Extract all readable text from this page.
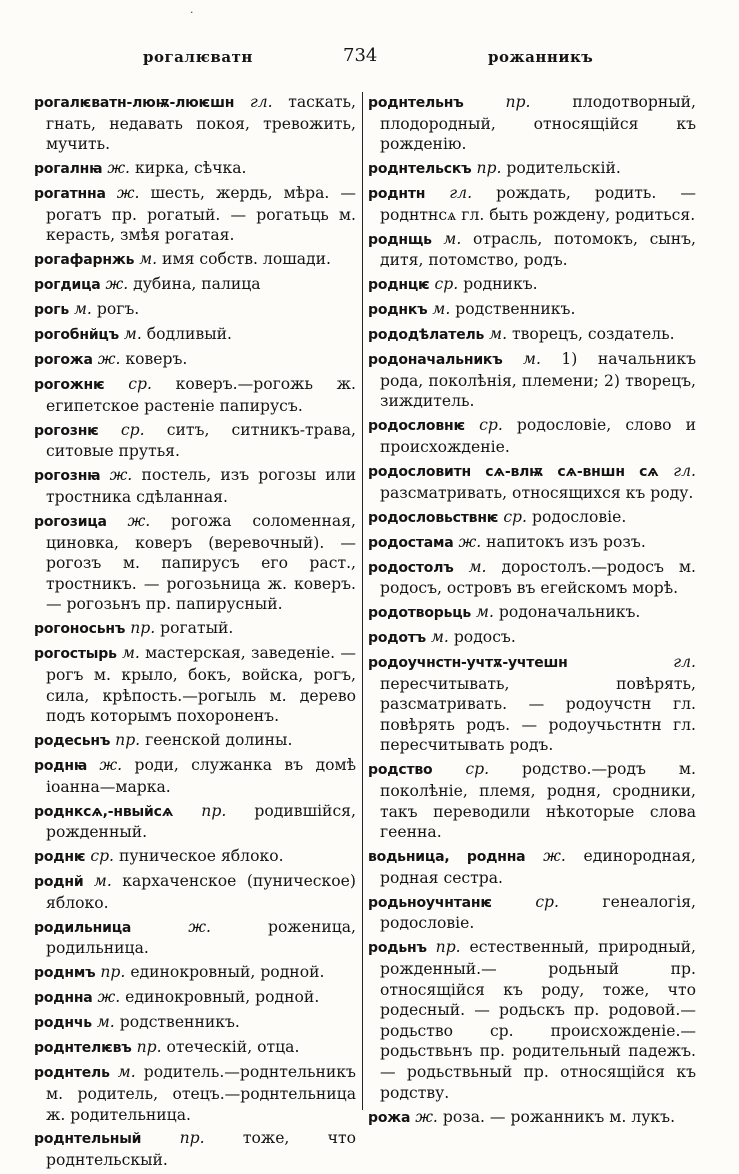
·
рогалѥватн	734	рожанникъ

рогалѥватн-люѭ-люѥшн гл. таскать, гнать, недавать покоя, тревожить, мучить.

рогалнꙗ ж. кирка, сѣчка.

рогатнна ж. шесть, жердь, мѣра. — рогатъ пр. рогатый. — рогатьць м. керасть, змѣя рогатая.

рогафарнжь м. имя собств. лошади.

рогдица ж. дубина, палица

рогь м. рогъ.

рогобнйцъ м. бодливый.

рогожа ж. коверъ.

рогожнѥ ср. коверъ.—рогожь ж. египетское растенiе папирусъ.

рогознѥ ср. ситъ, ситникъ-трава, ситовые прутья.

рогознꙗ ж. постель, изъ рогозы или тростника сдѣланная.

рогозица ж. рогожа соломенная, циновка, коверъ (веревочный). — рогозъ м. папирусъ его раст., тростникъ. — рогозьница ж. коверъ.— рогозьнъ пр. папирусный.

рогоносьнъ пр. рогатый.

рогостырь м. мастерская, заведенiе. —рогъ м. крыло, бокъ, войска, рогъ, сила, крѣпость.—рогыль м. дерево подъ которымъ похороненъ.

родесьнъ пр. геенской долины.

роднꙗ ж. роди, служанка въ домѣ iоанна—марка.

роднксѧ,-нвыйсѧ пр. родившiйся, рожденный.

роднѥ ср. пуническое яблоко.

роднй м. кархаченское (пуническое) яблоко.

родильница	ж.	роженица, родильница.

роднмъ пр. единокровный, родной.

роднна ж. единокровный, родной.

роднчь м. родственникъ.

роднтелѥвъ пр. отеческiй, отца.

роднтель м. родитель.—роднтельникъ м. родитель, отецъ.—роднтельница ж. родительница.

роднтельный пр. тоже, что роднтельскый.

роднтельнъ	пр.	плодотворный, плодородный, относящiйся къ рожденiю.

роднтельскъ пр. родительскiй.

роднтн гл. рождать, родить. — роднтнсѧ гл. быть рождену, родиться.

роднщь м. отрасль, потомокъ, сынъ, дитя, потомство, родъ.

роднцѥ ср. родникъ.

роднкъ м. родственникъ.

рододѣлатель м. творецъ, создатель.

родоначальникъ м. 1) начальникъ рода, поколѣнiя, племени; 2) творецъ, зиждитель.

родословнѥ ср. родословiе, слово и происхожденiе.

родословитн сѧ-влѭ сѧ-вншн сѧ гл. разсматривать, относящихся къ роду.

родословьствнѥ ср. родословiе.

родостама ж. напитокъ изъ розъ.

родостолъ м. доростолъ.—родосъ м. родосъ, островъ въ егейскомъ морѣ.

родотворьць м. родоначальникъ.

родотъ м. родосъ.

родоучнстн-учтѫ-учтешн	гл. пересчитывать, повѣрять, разсматривать. — родоучстн гл. повѣрять родъ. — родоучьстнтн гл. пересчитывать родъ.

родство ср. родство.—родъ м. поколѣнiе, племя, родня, сродники, такъ переводили нѣкоторые слова геенна.

водьница, роднна ж. единородная, родная сестра.

родьноучнтанѥ	ср.	генеалогiя, родословiе.

родьнъ пр. естественный, природный, рожденный.— родьный пр. относящiйся къ роду, тоже, что родесный. — родьскъ пр. родовой.—родьство ср. происхожденiе.—родьствьнъ пр. родительный падежъ. — родьствьный пр. относящiйся къ родству.

рожа ж. роза. — рожанникъ м. лукъ.
